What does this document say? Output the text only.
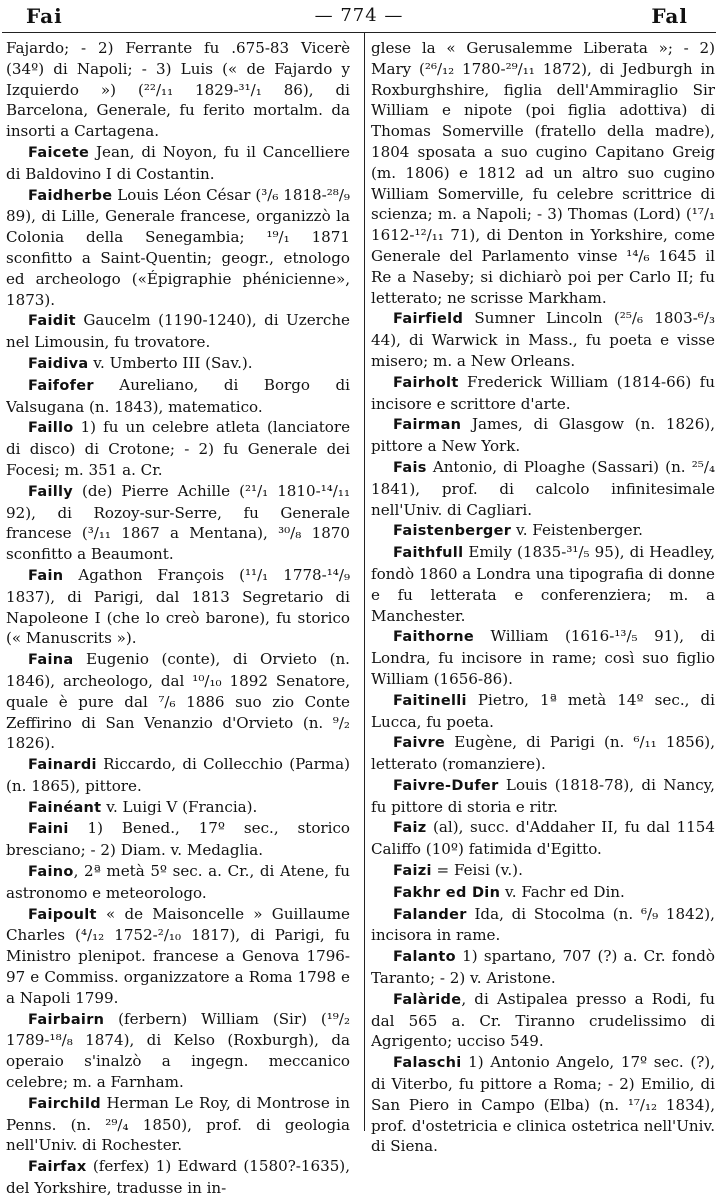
Fai	— 774 —	Fal

Fajardo; - 2) Ferrante fu .675-83 Vicerè (34º) di Napoli; - 3) Luis (« de Fajardo y Izquierdo ») (²²/₁₁ 1829-³¹/₁ 86), di Barcelona, Generale, fu ferito mortalm. da insorti a Cartagena.

Faicete Jean, di Noyon, fu il Cancelliere di Baldovino I di Costantin.

Faidherbe Louis Léon César (³/₆ 1818-²⁸/₉ 89), di Lille, Generale francese, organizzò la Colonia della Senegambia; ¹⁹/₁ 1871 sconfitto a Saint-Quentin; geogr., etnologo ed archeologo («Épigraphie phénicienne», 1873).

Faidit Gaucelm (1190-1240), di Uzerche nel Limousin, fu trovatore.

Faidiva v. Umberto III (Sav.).

Faifofer Aureliano, di Borgo di Valsugana (n. 1843), matematico.

Faillo 1) fu un celebre atleta (lanciatore di disco) di Crotone; - 2) fu Generale dei Focesi; m. 351 a. Cr.

Failly (de) Pierre Achille (²¹/₁ 1810-¹⁴/₁₁ 92), di Rozoy-sur-Serre, fu Generale francese (³/₁₁ 1867 a Mentana), ³⁰/₈ 1870 sconfitto a Beaumont.

Fain Agathon François (¹¹/₁ 1778-¹⁴/₉ 1837), di Parigi, dal 1813 Segretario di Napoleone I (che lo creò barone), fu storico (« Manuscrits »).

Faina Eugenio (conte), di Orvieto (n. 1846), archeologo, dal ¹⁰/₁₀ 1892 Senatore, quale è pure dal ⁷/₆ 1886 suo zio Conte Zeffirino di San Venanzio d'Orvieto (n. ⁹/₂ 1826).

Fainardi Riccardo, di Collecchio (Parma) (n. 1865), pittore.

Fainéant v. Luigi V (Francia).

Faini 1) Bened., 17º sec., storico bresciano; - 2) Diam. v. Medaglia.

Faino, 2ª metà 5º sec. a. Cr., di Atene, fu astronomo e meteorologo.

Faipoult « de Maisoncelle » Guillaume Charles (⁴/₁₂ 1752-²/₁₀ 1817), di Parigi, fu Ministro plenipot. francese a Genova 1796-97 e Commiss. organizzatore a Roma 1798 e a Napoli 1799.

Fairbairn (ferbern) William (Sir) (¹⁹/₂ 1789-¹⁸/₈ 1874), di Kelso (Roxburgh), da operaio s'inalzò a ingegn. meccanico celebre; m. a Farnham.

Fairchild Herman Le Roy, di Montrose in Penns. (n. ²⁹/₄ 1850), prof. di geologia nell'Univ. di Rochester.

Fairfax (ferfex) 1) Edward (1580?-1635), del Yorkshire, tradusse in in-

glese la « Gerusalemme Liberata »; - 2) Mary (²⁶/₁₂ 1780-²⁹/₁₁ 1872), di Jedburgh in Roxburghshire, figlia dell'Ammiraglio Sir William e nipote (poi figlia adottiva) di Thomas Somerville (fratello della madre), 1804 sposata a suo cugino Capitano Greig (m. 1806) e 1812 ad un altro suo cugino William Somerville, fu celebre scrittrice di scienza; m. a Napoli; - 3) Thomas (Lord) (¹⁷/₁ 1612-¹²/₁₁ 71), di Denton in Yorkshire, come Generale del Parlamento vinse ¹⁴/₆ 1645 il Re a Naseby; si dichiarò poi per Carlo II; fu letterato; ne scrisse Markham.

Fairfield Sumner Lincoln (²⁵/₆ 1803-⁶/₃ 44), di Warwick in Mass., fu poeta e visse misero; m. a New Orleans.

Fairholt Frederick William (1814-66) fu incisore e scrittore d'arte.

Fairman James, di Glasgow (n. 1826), pittore a New York.

Fais Antonio, di Ploaghe (Sassari) (n. ²⁵/₄ 1841), prof. di calcolo infinitesimale nell'Univ. di Cagliari.

Faistenberger v. Feistenberger.

Faithfull Emily (1835-³¹/₅ 95), di Headley, fondò 1860 a Londra una tipografia di donne e fu letterata e conferenziera; m. a Manchester.

Faithorne William (1616-¹³/₅ 91), di Londra, fu incisore in rame; così suo figlio William (1656-86).

Faitinelli Pietro, 1ª metà 14º sec., di Lucca, fu poeta.

Faivre Eugène, di Parigi (n. ⁶/₁₁ 1856), letterato (romanziere).

Faivre-Dufer Louis (1818-78), di Nancy, fu pittore di storia e ritr.

Faiz (al), succ. d'Addaher II, fu dal 1154 Califfo (10º) fatimida d'Egitto.

Faizi = Feisi (v.).

Fakhr ed Din v. Fachr ed Din.

Falander Ida, di Stocolma (n. ⁶/₉ 1842), incisora in rame.

Falanto 1) spartano, 707 (?) a. Cr. fondò Taranto; - 2) v. Aristone.

Falàride, di Astipalea presso a Rodi, fu dal 565 a. Cr. Tiranno crudelissimo di Agrigento; ucciso 549.

Falaschi 1) Antonio Angelo, 17º sec. (?), di Viterbo, fu pittore a Roma; - 2) Emilio, di San Piero in Campo (Elba) (n. ¹⁷/₁₂ 1834), prof. d'ostetricia e clinica ostetrica nell'Univ. di Siena.
